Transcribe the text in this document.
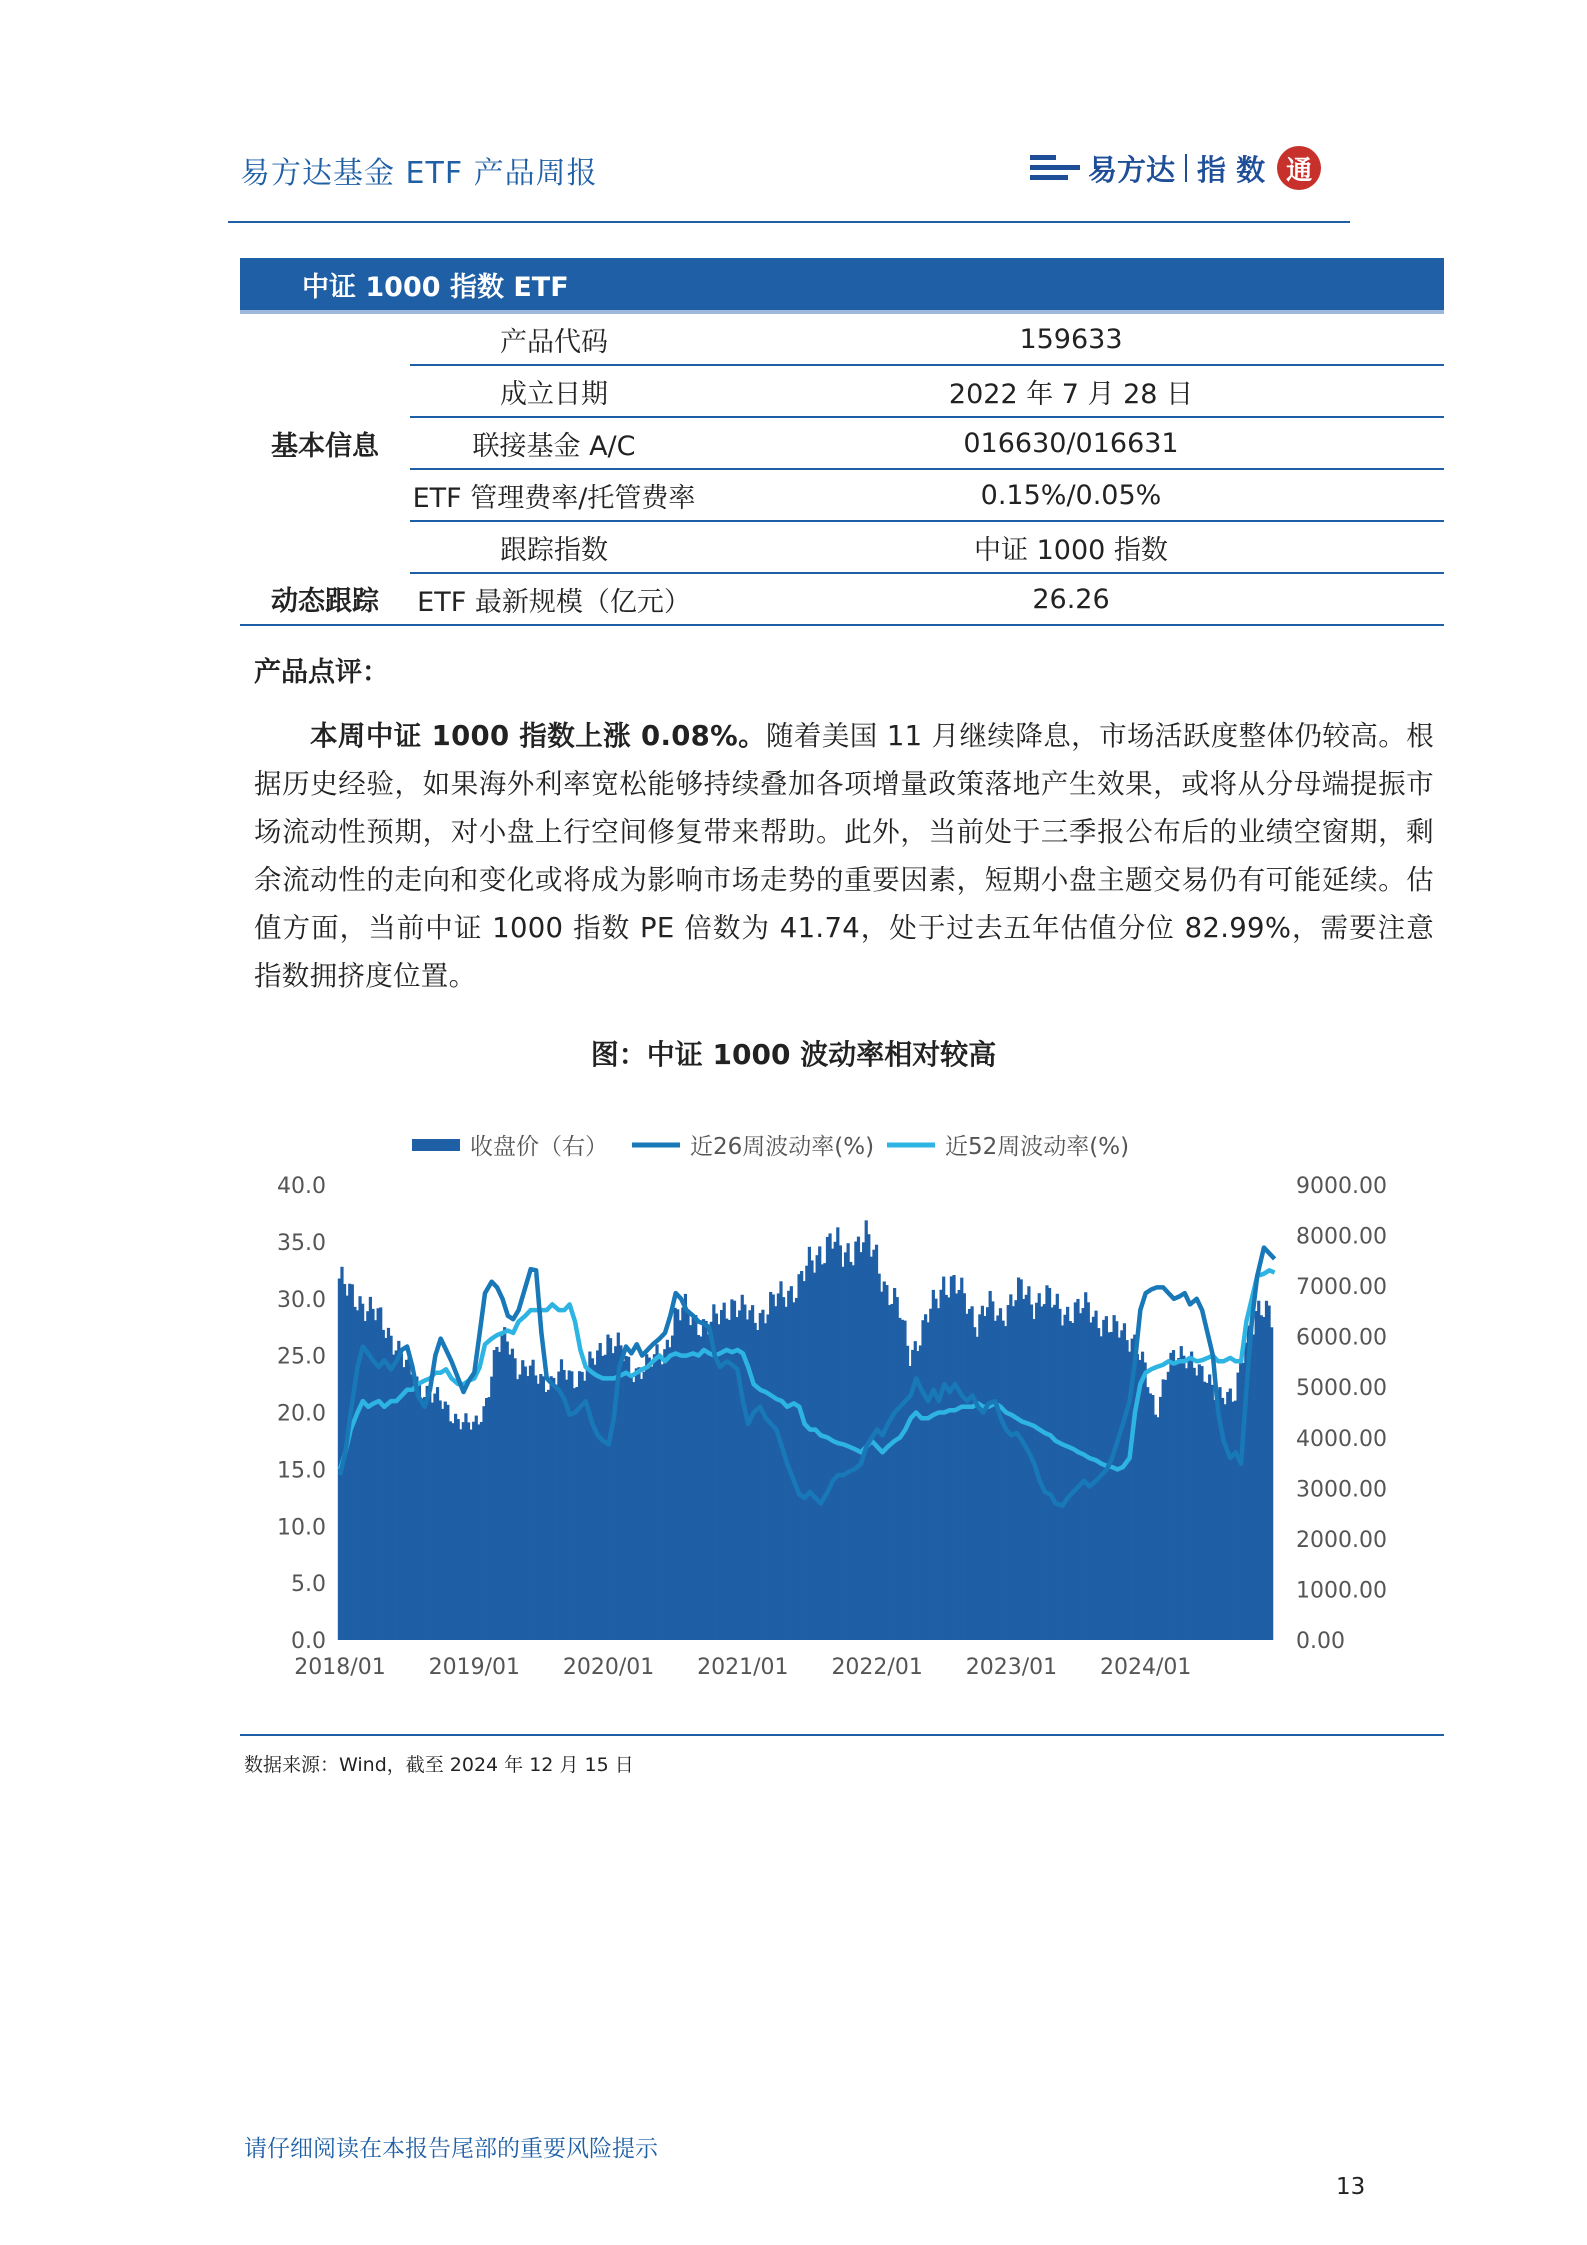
易方达基金 ETF 产品周报	易方达 指 数 通
中证 1000 指数 ETF		
基本信息	产品代码	159633
	成立日期	2022 年 7 月 28 日
	联接基金 A/C	016630/016631
	ETF 管理费率/托管费率	0.15%/0.05%
	跟踪指数	中证 1000 指数
动态跟踪	ETF 最新规模（亿元）	26.26
产品点评：
本周中证 1000 指数上涨 0.08%。随着美国 11 月继续降息，市场活跃度整体仍较高。根据历史经验，如果海外利率宽松能够持续叠加各项增量政策落地产生效果，或将从分母端提振市场流动性预期，对小盘上行空间修复带来帮助。此外，当前处于三季报公布后的业绩空窗期，剩余流动性的走向和变化或将成为影响市场走势的重要因素，短期小盘主题交易仍有可能延续。估值方面，当前中证 1000 指数 PE 倍数为 41.74，处于过去五年估值分位 82.99%，需要注意指数拥挤度位置。
图：中证 1000 波动率相对较高
收盘价（右）	近26周波动率(%)	近52周波动率(%)
0.0
5.0
10.0
15.0
20.0
25.0
30.0
35.0
40.0
0.00
1000.00
2000.00
3000.00
4000.00
5000.00
6000.00
7000.00
8000.00
9000.00
2018/01 2019/01 2020/01 2021/01 2022/01 2023/01 2024/01
数据来源：Wind，截至 2024 年 12 月 15 日
请仔细阅读在本报告尾部的重要风险提示
13
